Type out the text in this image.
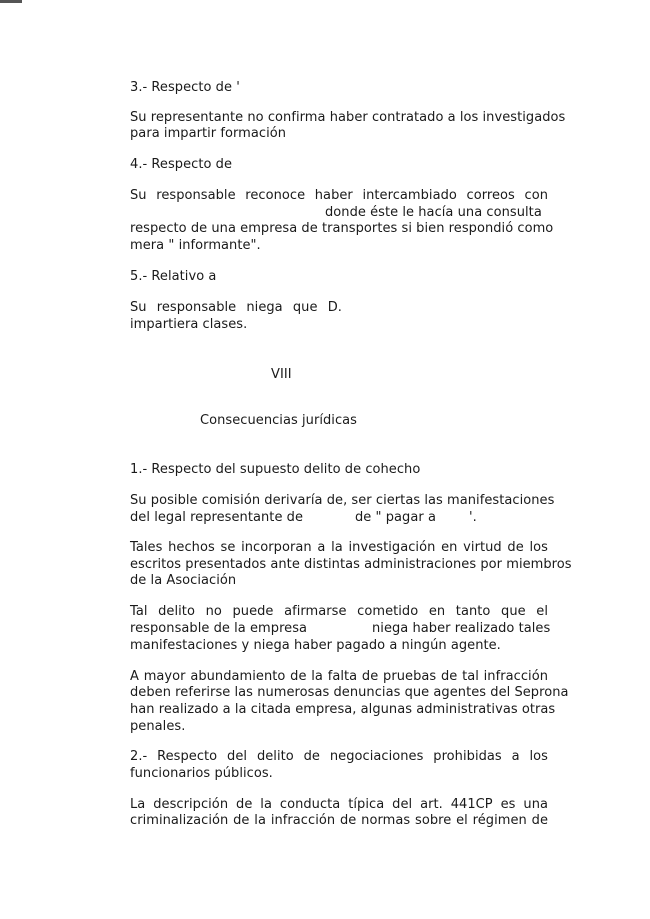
3.- Respecto de '
Su representante no confirma haber contratado a los investigados
para impartir formación
4.- Respecto de
Su responsable reconoce haber intercambiado correos con
donde éste le hacía una consulta
respecto de una empresa de transportes si bien respondió como
mera " informante".
5.- Relativo a
Su responsable niega que D.
impartiera clases.
VIII
Consecuencias jurídicas
1.- Respecto del supuesto delito de cohecho
Su posible comisión derivaría de, ser ciertas las manifestaciones
del legal representante de	de " pagar a	'.
Tales hechos se incorporan a la investigación en virtud de los
escritos presentados ante distintas administraciones por miembros
de la Asociación
Tal delito no puede afirmarse cometido en tanto que el
responsable de la empresa	niega haber realizado tales
manifestaciones y niega haber pagado a ningún agente.
A mayor abundamiento de la falta de pruebas de tal infracción
deben referirse las numerosas denuncias que agentes del Seprona
han realizado a la citada empresa, algunas administrativas otras
penales.
2.- Respecto del delito de negociaciones prohibidas a los
funcionarios públicos.
La descripción de la conducta típica del art. 441CP es una
criminalización de la infracción de normas sobre el régimen de
